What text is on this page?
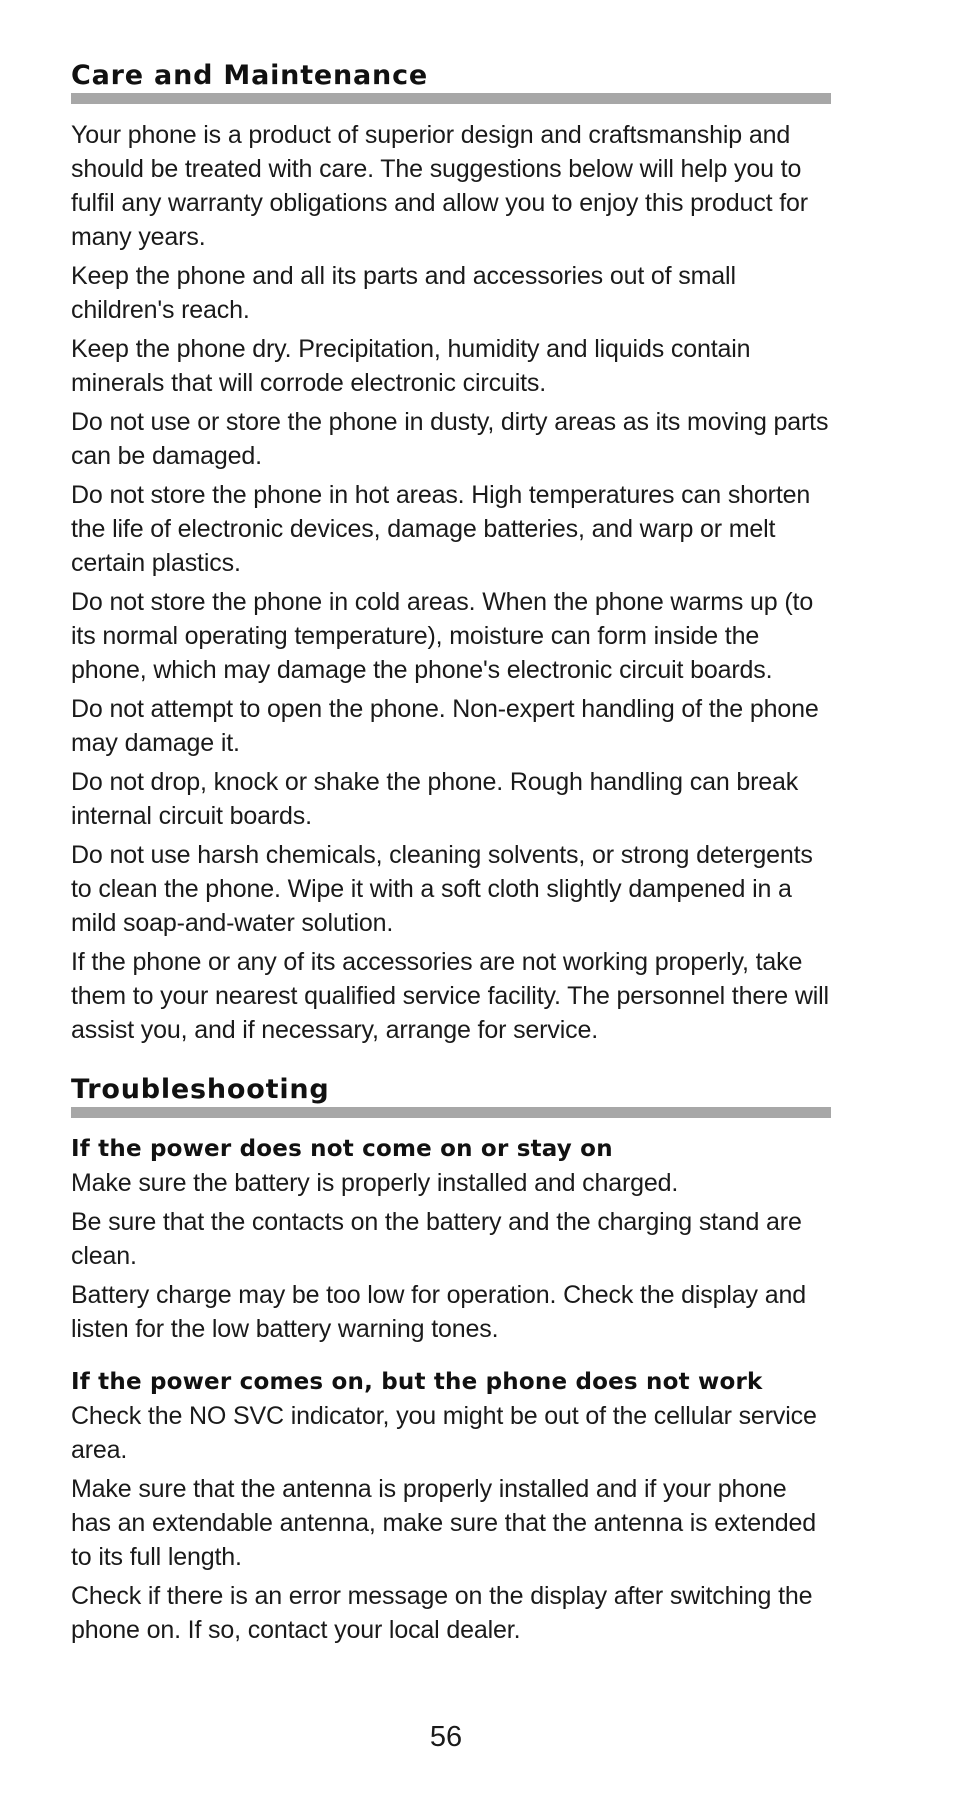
Care and Maintenance

Your phone is a product of superior design and craftsmanship and should be treated with care. The suggestions below will help you to fulfil any warranty obligations and allow you to enjoy this product for many years.

Keep the phone and all its parts and accessories out of small children's reach.

Keep the phone dry. Precipitation, humidity and liquids contain minerals that will corrode electronic circuits.

Do not use or store the phone in dusty, dirty areas as its moving parts can be damaged.

Do not store the phone in hot areas. High temperatures can shorten the life of electronic devices, damage batteries, and warp or melt certain plastics.

Do not store the phone in cold areas. When the phone warms up (to its normal operating temperature), moisture can form inside the phone, which may damage the phone's electronic circuit boards.

Do not attempt to open the phone. Non-expert handling of the phone may damage it.

Do not drop, knock or shake the phone. Rough handling can break internal circuit boards.

Do not use harsh chemicals, cleaning solvents, or strong detergents to clean the phone. Wipe it with a soft cloth slightly dampened in a mild soap-and-water solution.

If the phone or any of its accessories are not working properly, take them to your nearest qualified service facility. The personnel there will assist you, and if necessary, arrange for service.

Troubleshooting

If the power does not come on or stay on

Make sure the battery is properly installed and charged.

Be sure that the contacts on the battery and the charging stand are clean.

Battery charge may be too low for operation. Check the display and listen for the low battery warning tones.

If the power comes on, but the phone does not work

Check the NO SVC indicator, you might be out of the cellular service area.

Make sure that the antenna is properly installed and if your phone has an extendable antenna, make sure that the antenna is extended to its full length.

Check if there is an error message on the display after switching the phone on. If so, contact your local dealer.

56
